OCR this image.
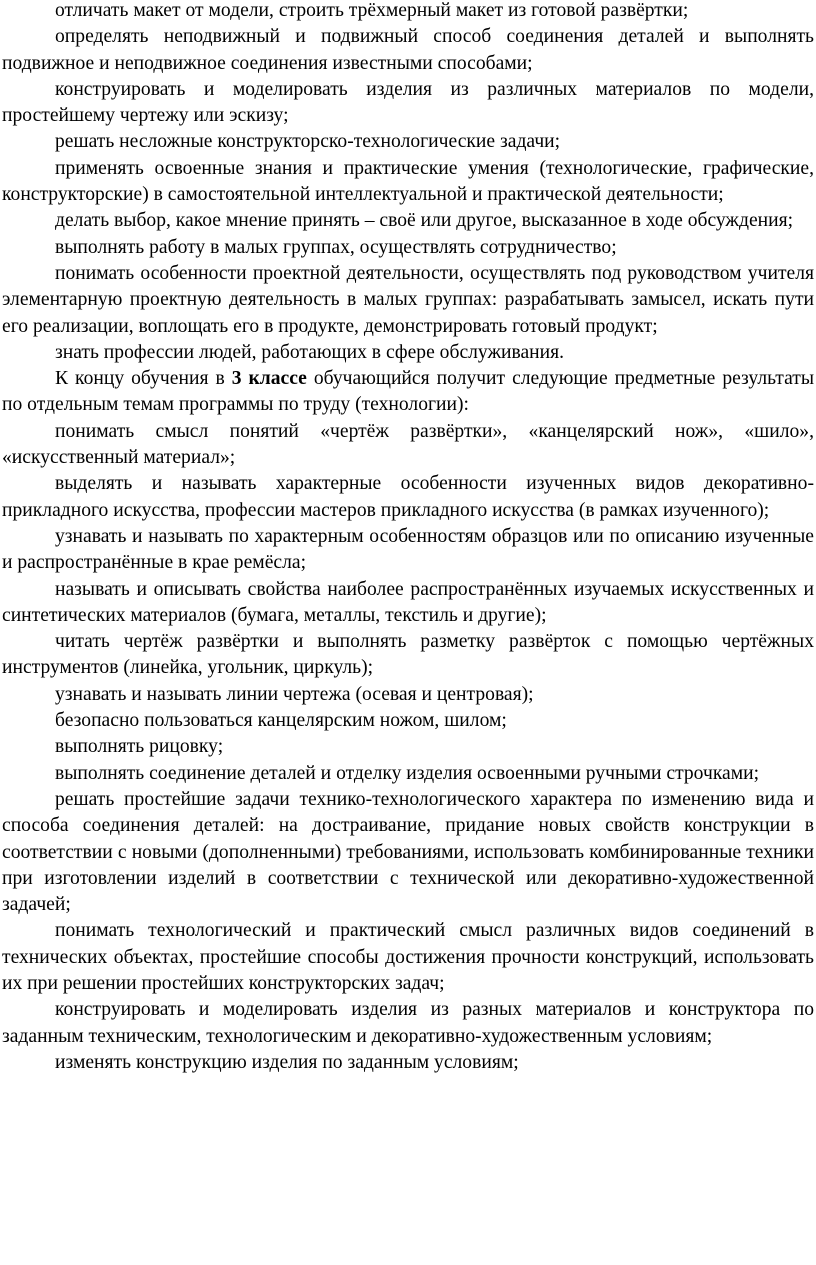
отличать макет от модели, строить трёхмерный макет из готовой развёртки;

определять неподвижный и подвижный способ соединения деталей и выполнять подвижное и неподвижное соединения известными способами;

конструировать и моделировать изделия из различных материалов по модели, простейшему чертежу или эскизу;

решать несложные конструкторско-технологические задачи;

применять освоенные знания и практические умения (технологические, графические, конструкторские) в самостоятельной интеллектуальной и практической деятельности;

делать выбор, какое мнение принять – своё или другое, высказанное в ходе обсуждения;

выполнять работу в малых группах, осуществлять сотрудничество;

понимать особенности проектной деятельности, осуществлять под руководством учителя элементарную проектную деятельность в малых группах: разрабатывать замысел, искать пути его реализации, воплощать его в продукте, демонстрировать готовый продукт;

знать профессии людей, работающих в сфере обслуживания.

К концу обучения в 3 классе обучающийся получит следующие предметные результаты по отдельным темам программы по труду (технологии):

понимать смысл понятий «чертёж развёртки», «канцелярский нож», «шило», «искусственный материал»;

выделять и называть характерные особенности изученных видов декоративно-прикладного искусства, профессии мастеров прикладного искусства (в рамках изученного);

узнавать и называть по характерным особенностям образцов или по описанию изученные и распространённые в крае ремёсла;

называть и описывать свойства наиболее распространённых изучаемых искусственных и синтетических материалов (бумага, металлы, текстиль и другие);

читать чертёж развёртки и выполнять разметку развёрток с помощью чертёжных инструментов (линейка, угольник, циркуль);

узнавать и называть линии чертежа (осевая и центровая);

безопасно пользоваться канцелярским ножом, шилом;

выполнять рицовку;

выполнять соединение деталей и отделку изделия освоенными ручными строчками;

решать простейшие задачи технико-технологического характера по изменению вида и способа соединения деталей: на достраивание, придание новых свойств конструкции в соответствии с новыми (дополненными) требованиями, использовать комбинированные техники при изготовлении изделий в соответствии с технической или декоративно-художественной задачей;

понимать технологический и практический смысл различных видов соединений в технических объектах, простейшие способы достижения прочности конструкций, использовать их при решении простейших конструкторских задач;

конструировать и моделировать изделия из разных материалов и конструктора по заданным техническим, технологическим и декоративно-художественным условиям;

изменять конструкцию изделия по заданным условиям;
